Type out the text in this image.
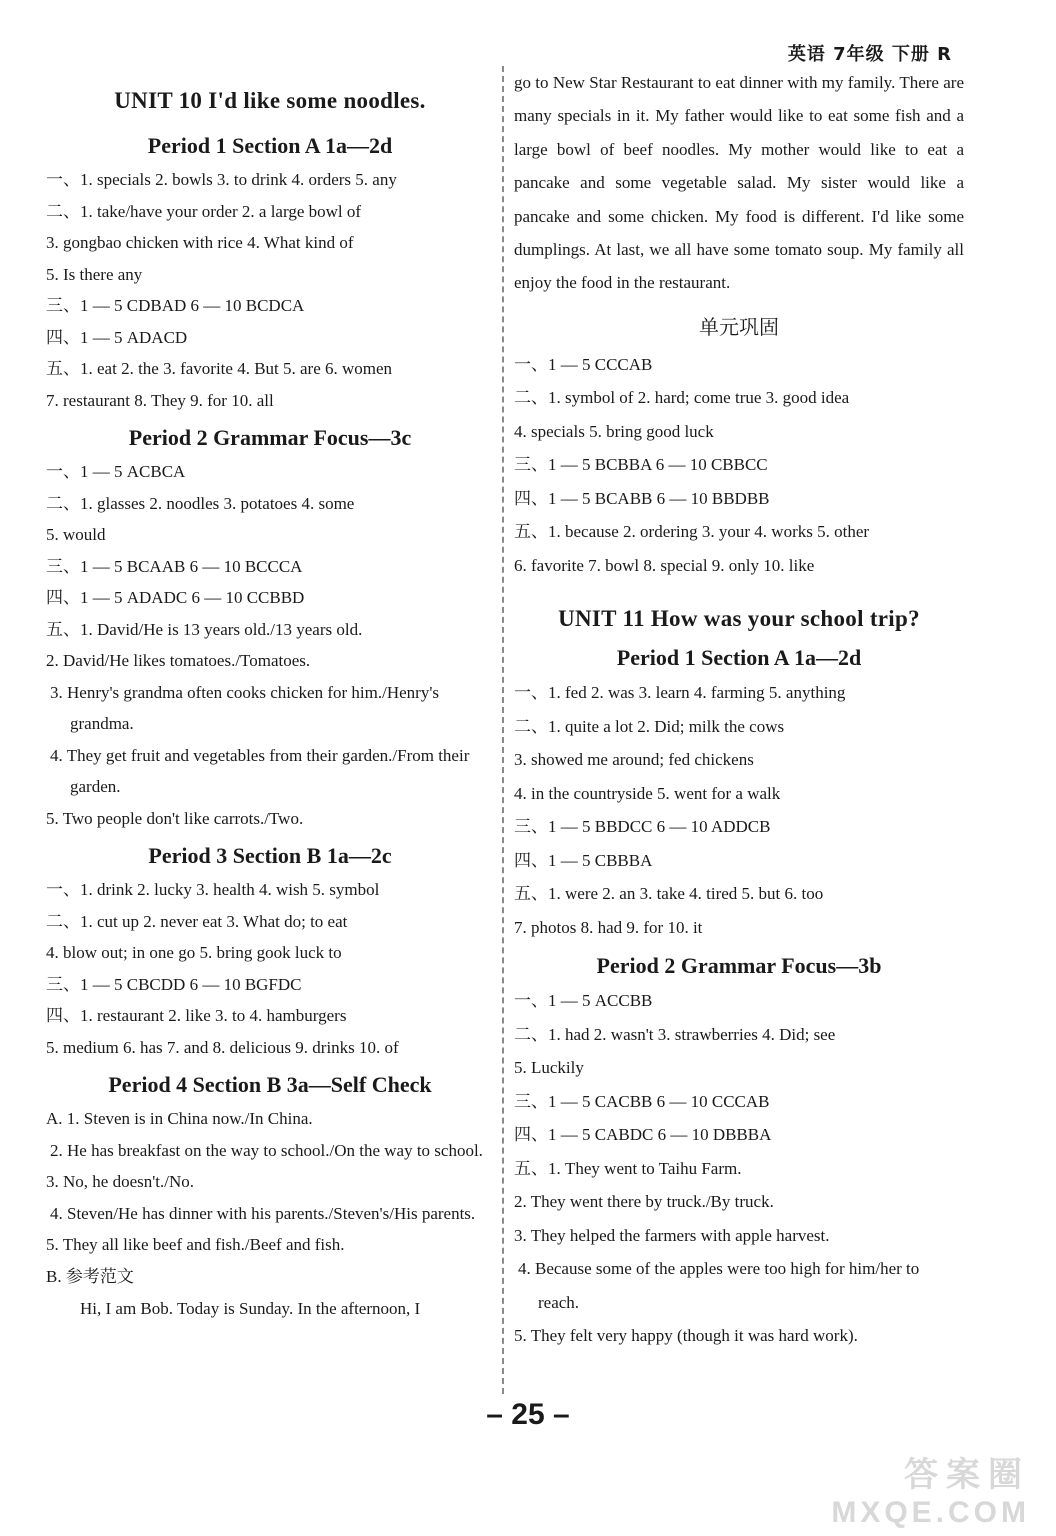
英语 7年级 下册 R
UNIT 10 I'd like some noodles.
Period 1 Section A 1a—2d
一、1. specials 2. bowls 3. to drink 4. orders 5. any
二、1. take/have your order 2. a large bowl of
3. gongbao chicken with rice 4. What kind of
5. Is there any
三、1 — 5 CDBAD 6 — 10 BCDCA
四、1 — 5 ADACD
五、1. eat 2. the 3. favorite 4. But 5. are 6. women
7. restaurant 8. They 9. for 10. all
Period 2 Grammar Focus—3c
一、1 — 5 ACBCA
二、1. glasses 2. noodles 3. potatoes 4. some
5. would
三、1 — 5 BCAAB 6 — 10 BCCCA
四、1 — 5 ADADC 6 — 10 CCBBD
五、1. David/He is 13 years old./13 years old.
2. David/He likes tomatoes./Tomatoes.
3. Henry's grandma often cooks chicken for him./Henry's grandma.
4. They get fruit and vegetables from their garden./From their garden.
5. Two people don't like carrots./Two.
Period 3 Section B 1a—2c
一、1. drink 2. lucky 3. health 4. wish 5. symbol
二、1. cut up 2. never eat 3. What do; to eat
4. blow out; in one go 5. bring gook luck to
三、1 — 5 CBCDD 6 — 10 BGFDC
四、1. restaurant 2. like 3. to 4. hamburgers
5. medium 6. has 7. and 8. delicious 9. drinks 10. of
Period 4 Section B 3a—Self Check
A. 1. Steven is in China now./In China.
2. He has breakfast on the way to school./On the way to school.
3. No, he doesn't./No.
4. Steven/He has dinner with his parents./Steven's/His parents.
5. They all like beef and fish./Beef and fish.
B. 参考范文
Hi, I am Bob. Today is Sunday. In the afternoon, I
go to New Star Restaurant to eat dinner with my family. There are many specials in it. My father would like to eat some fish and a large bowl of beef noodles. My mother would like to eat a pancake and some vegetable salad. My sister would like a pancake and some chicken. My food is different. I'd like some dumplings. At last, we all have some tomato soup. My family all enjoy the food in the restaurant.
单元巩固
一、1 — 5 CCCAB
二、1. symbol of 2. hard; come true 3. good idea
4. specials 5. bring good luck
三、1 — 5 BCBBA 6 — 10 CBBCC
四、1 — 5 BCABB 6 — 10 BBDBB
五、1. because 2. ordering 3. your 4. works 5. other
6. favorite 7. bowl 8. special 9. only 10. like
UNIT 11 How was your school trip?
Period 1 Section A 1a—2d
一、1. fed 2. was 3. learn 4. farming 5. anything
二、1. quite a lot 2. Did; milk the cows
3. showed me around; fed chickens
4. in the countryside 5. went for a walk
三、1 — 5 BBDCC 6 — 10 ADDCB
四、1 — 5 CBBBA
五、1. were 2. an 3. take 4. tired 5. but 6. too
7. photos 8. had 9. for 10. it
Period 2 Grammar Focus—3b
一、1 — 5 ACCBB
二、1. had 2. wasn't 3. strawberries 4. Did; see
5. Luckily
三、1 — 5 CACBB 6 — 10 CCCAB
四、1 — 5 CABDC 6 — 10 DBBBA
五、1. They went to Taihu Farm.
2. They went there by truck./By truck.
3. They helped the farmers with apple harvest.
4. Because some of the apples were too high for him/her to reach.
5. They felt very happy (though it was hard work).
– 25 –
答案圈
MXQE.COM
